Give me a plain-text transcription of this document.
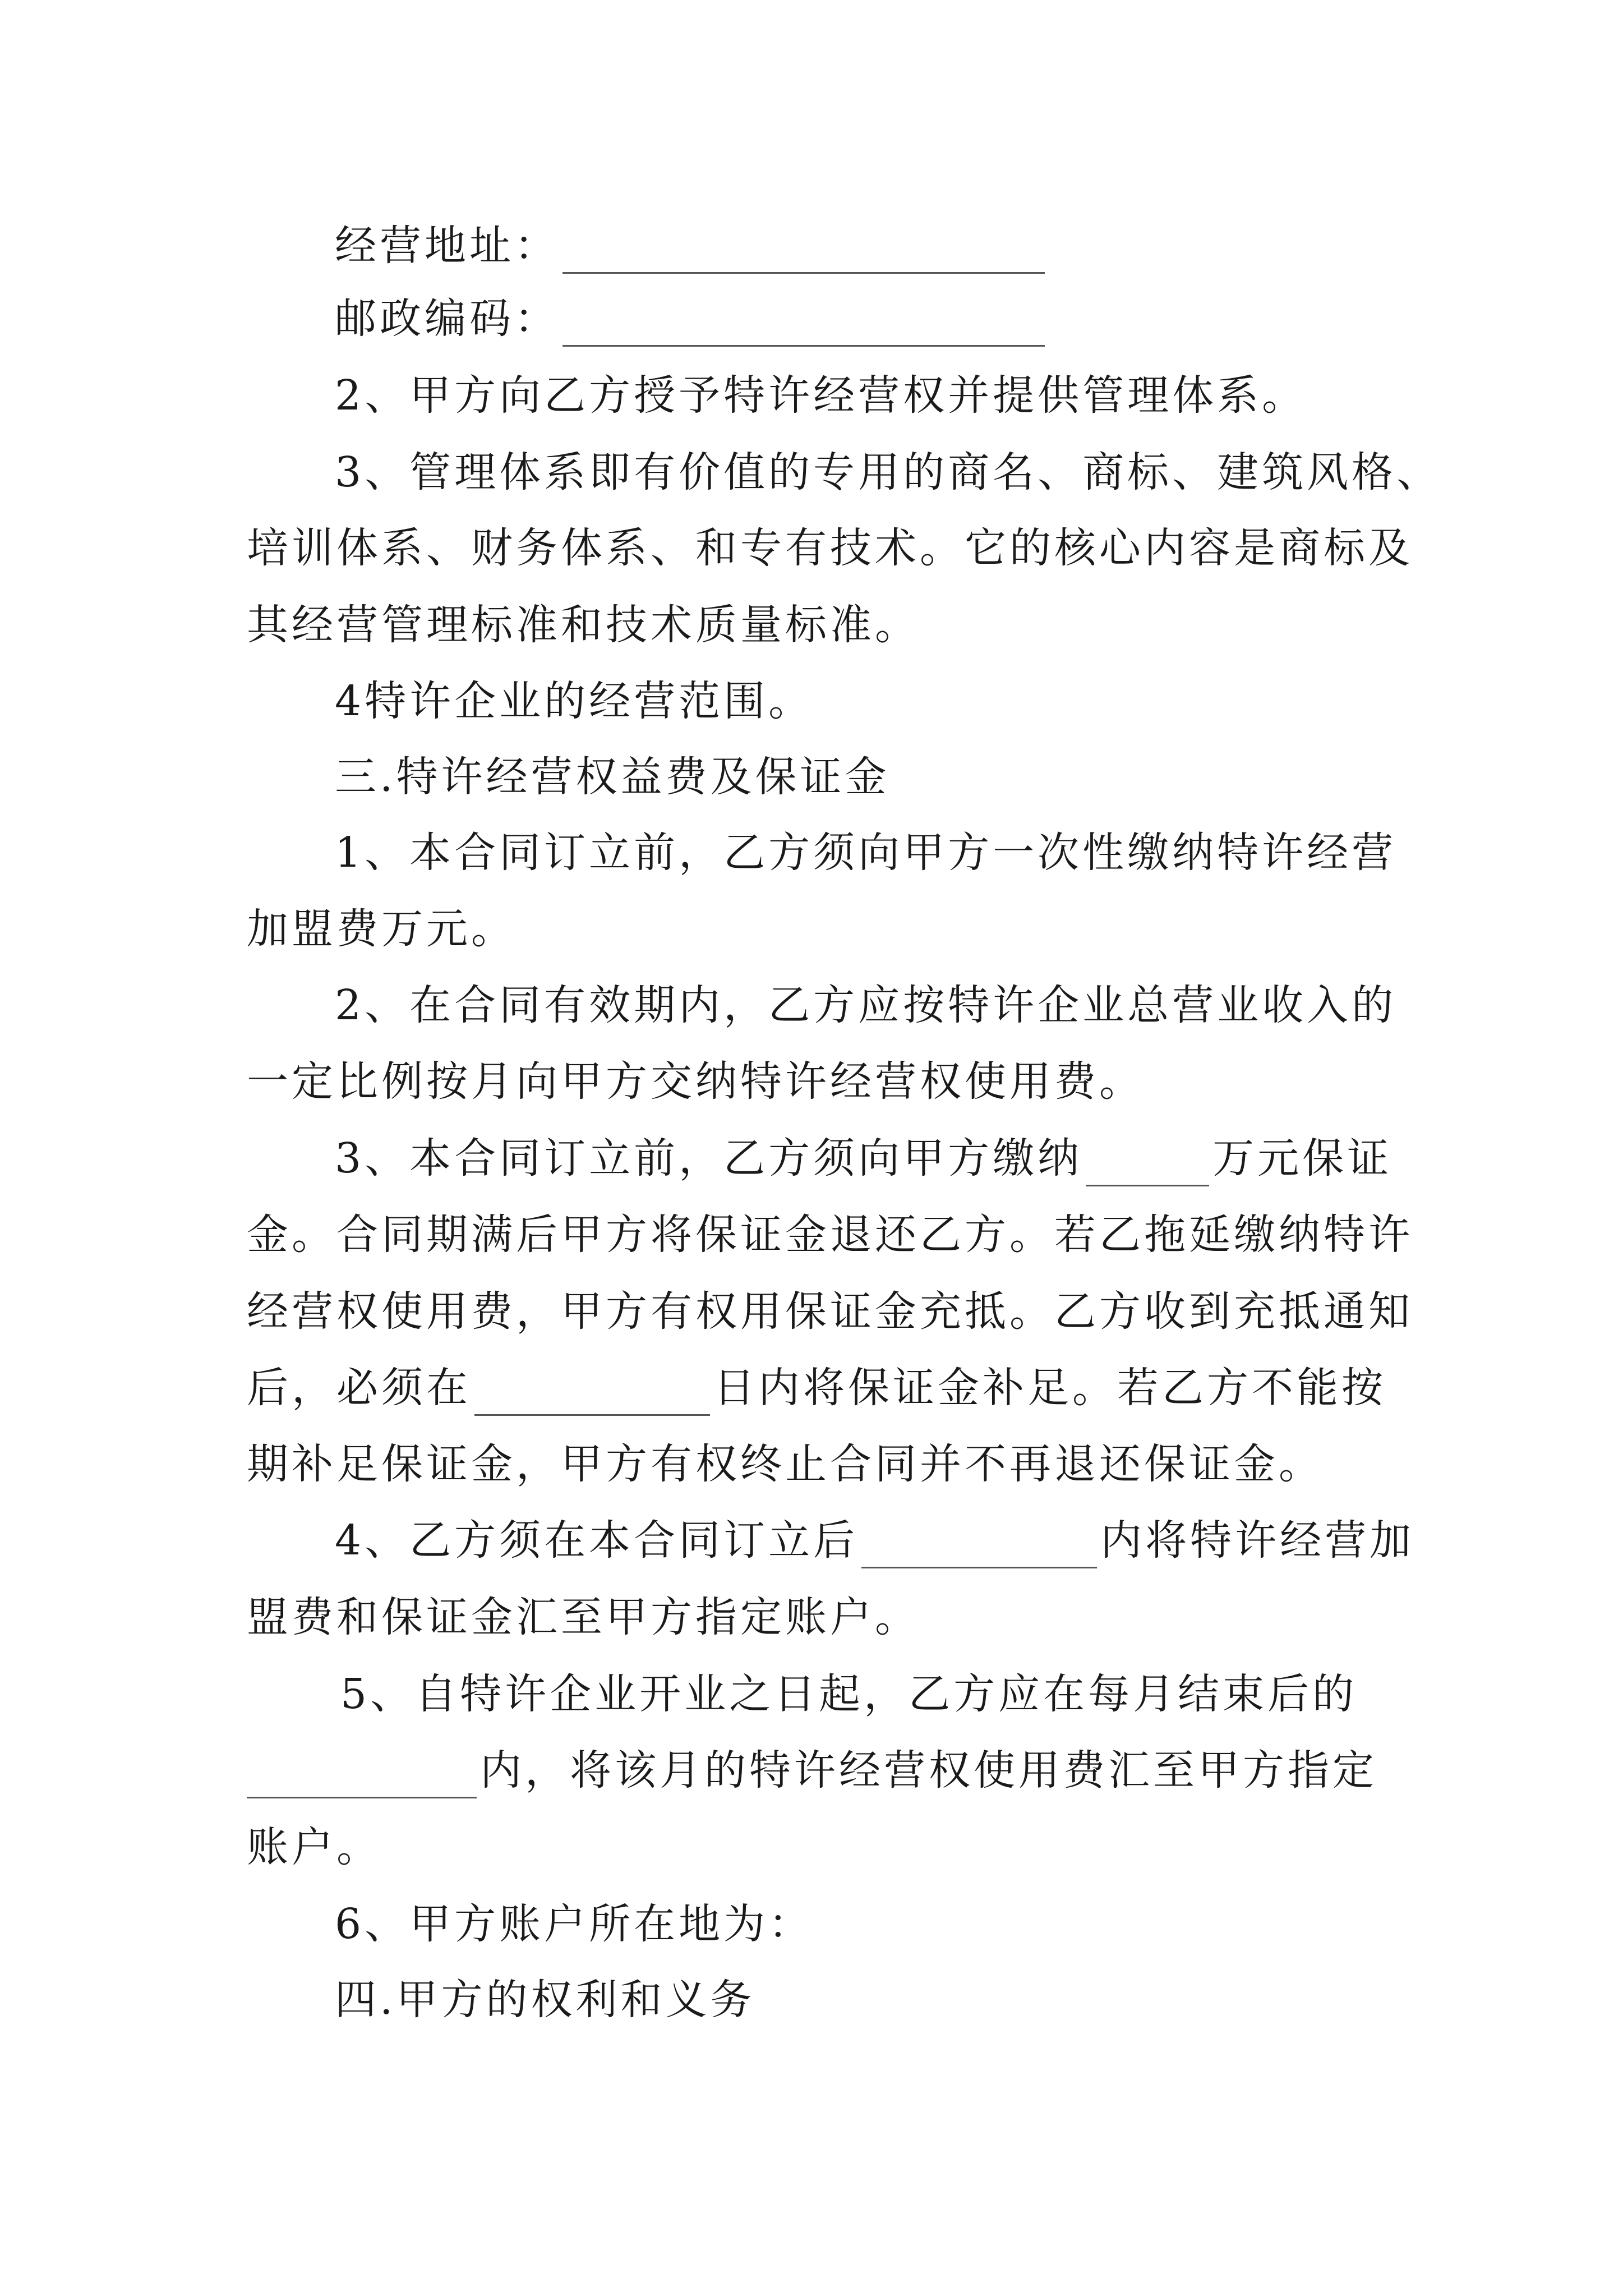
经营地址：
邮政编码：
2、甲方向乙方授予特许经营权并提供管理体系。
3、管理体系即有价值的专用的商名、商标、建筑风格、
培训体系、财务体系、和专有技术。它的核心内容是商标及
其经营管理标准和技术质量标准。
4特许企业的经营范围。
三.特许经营权益费及保证金
1、本合同订立前，乙方须向甲方一次性缴纳特许经营
加盟费万元。
2、在合同有效期内，乙方应按特许企业总营业收入的
一定比例按月向甲方交纳特许经营权使用费。
3、本合同订立前，乙方须向甲方缴纳	万元保证
金。合同期满后甲方将保证金退还乙方。若乙拖延缴纳特许
经营权使用费，甲方有权用保证金充抵。乙方收到充抵通知
后，必须在	日内将保证金补足。若乙方不能按
期补足保证金，甲方有权终止合同并不再退还保证金。
4、乙方须在本合同订立后	内将特许经营加
盟费和保证金汇至甲方指定账户。
5、自特许企业开业之日起，乙方应在每月结束后的
内，将该月的特许经营权使用费汇至甲方指定
账户。
6、甲方账户所在地为：
四.甲方的权利和义务
